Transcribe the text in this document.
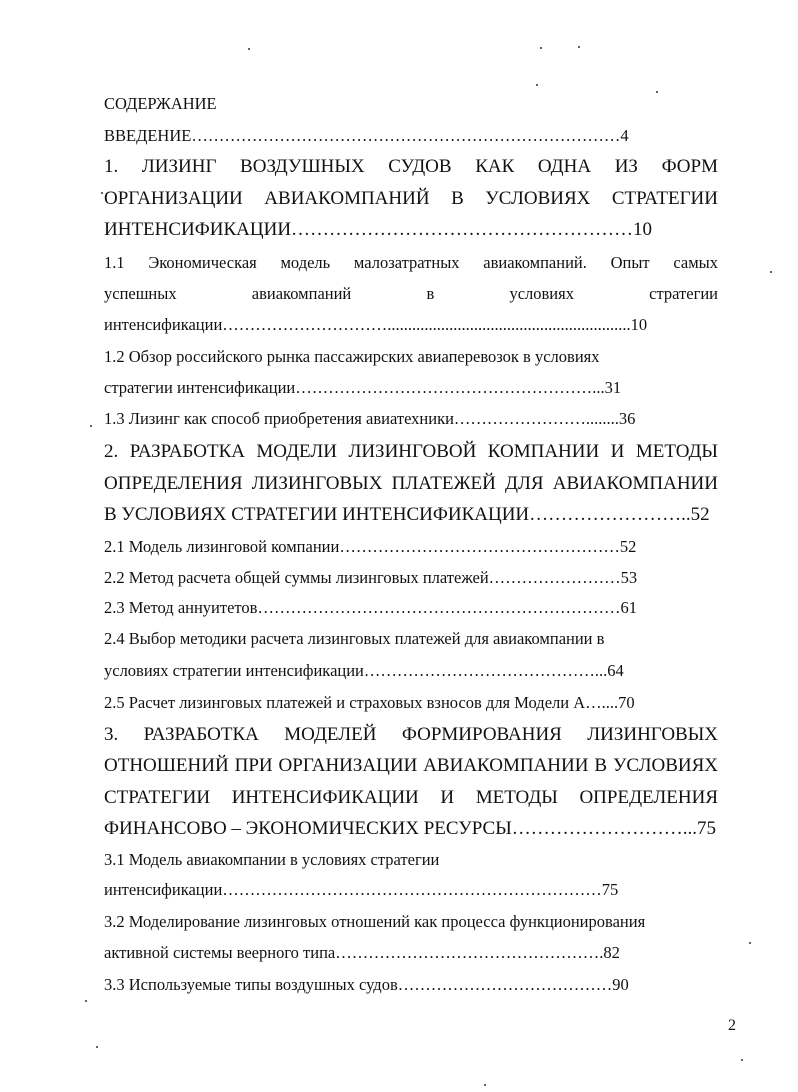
СОДЕРЖАНИЕ
ВВЕДЕНИЕ……………………………………………………………………4
1. ЛИЗИНГ ВОЗДУШНЫХ СУДОВ КАК ОДНА ИЗ ФОРМ
ОРГАНИЗАЦИИ АВИАКОМПАНИЙ В УСЛОВИЯХ СТРАТЕГИИ
ИНТЕНСИФИКАЦИИ………………………………………………10
1.1 Экономическая модель малозатратных авиакомпаний. Опыт самых
успешных авиакомпаний в условиях стратегии
интенсификации…………………………...........................................................10
1.2 Обзор российского рынка пассажирских авиаперевозок в условиях
стратегии интенсификации………………………………………………...31
1.3 Лизинг как способ приобретения авиатехники……………………........36
2. РАЗРАБОТКА МОДЕЛИ ЛИЗИНГОВОЙ КОМПАНИИ И МЕТОДЫ
ОПРЕДЕЛЕНИЯ ЛИЗИНГОВЫХ ПЛАТЕЖЕЙ ДЛЯ АВИАКОМПАНИИ
В УСЛОВИЯХ СТРАТЕГИИ ИНТЕНСИФИКАЦИИ……………………..52
2.1 Модель лизинговой компании……………………………………………52
2.2 Метод расчета общей суммы лизинговых платежей……………………53
2.3 Метод аннуитетов…………………………………………………………61
2.4 Выбор методики расчета лизинговых платежей для авиакомпании в
условиях стратегии интенсификации……………………………………...64
2.5 Расчет лизинговых платежей и страховых взносов для Модели А…....70
3. РАЗРАБОТКА МОДЕЛЕЙ ФОРМИРОВАНИЯ ЛИЗИНГОВЫХ
ОТНОШЕНИЙ ПРИ ОРГАНИЗАЦИИ АВИАКОМПАНИИ В УСЛОВИЯХ
СТРАТЕГИИ ИНТЕНСИФИКАЦИИ И МЕТОДЫ ОПРЕДЕЛЕНИЯ
ФИНАНСОВО – ЭКОНОМИЧЕСКИХ РЕСУРСЫ………………………...75
3.1 Модель авиакомпании в условиях стратегии
интенсификации……………………………………………………………75
3.2 Моделирование лизинговых отношений как процесса функционирования
активной системы веерного типа………………………………………….82
3.3 Используемые типы воздушных судов…………………………………90
2
